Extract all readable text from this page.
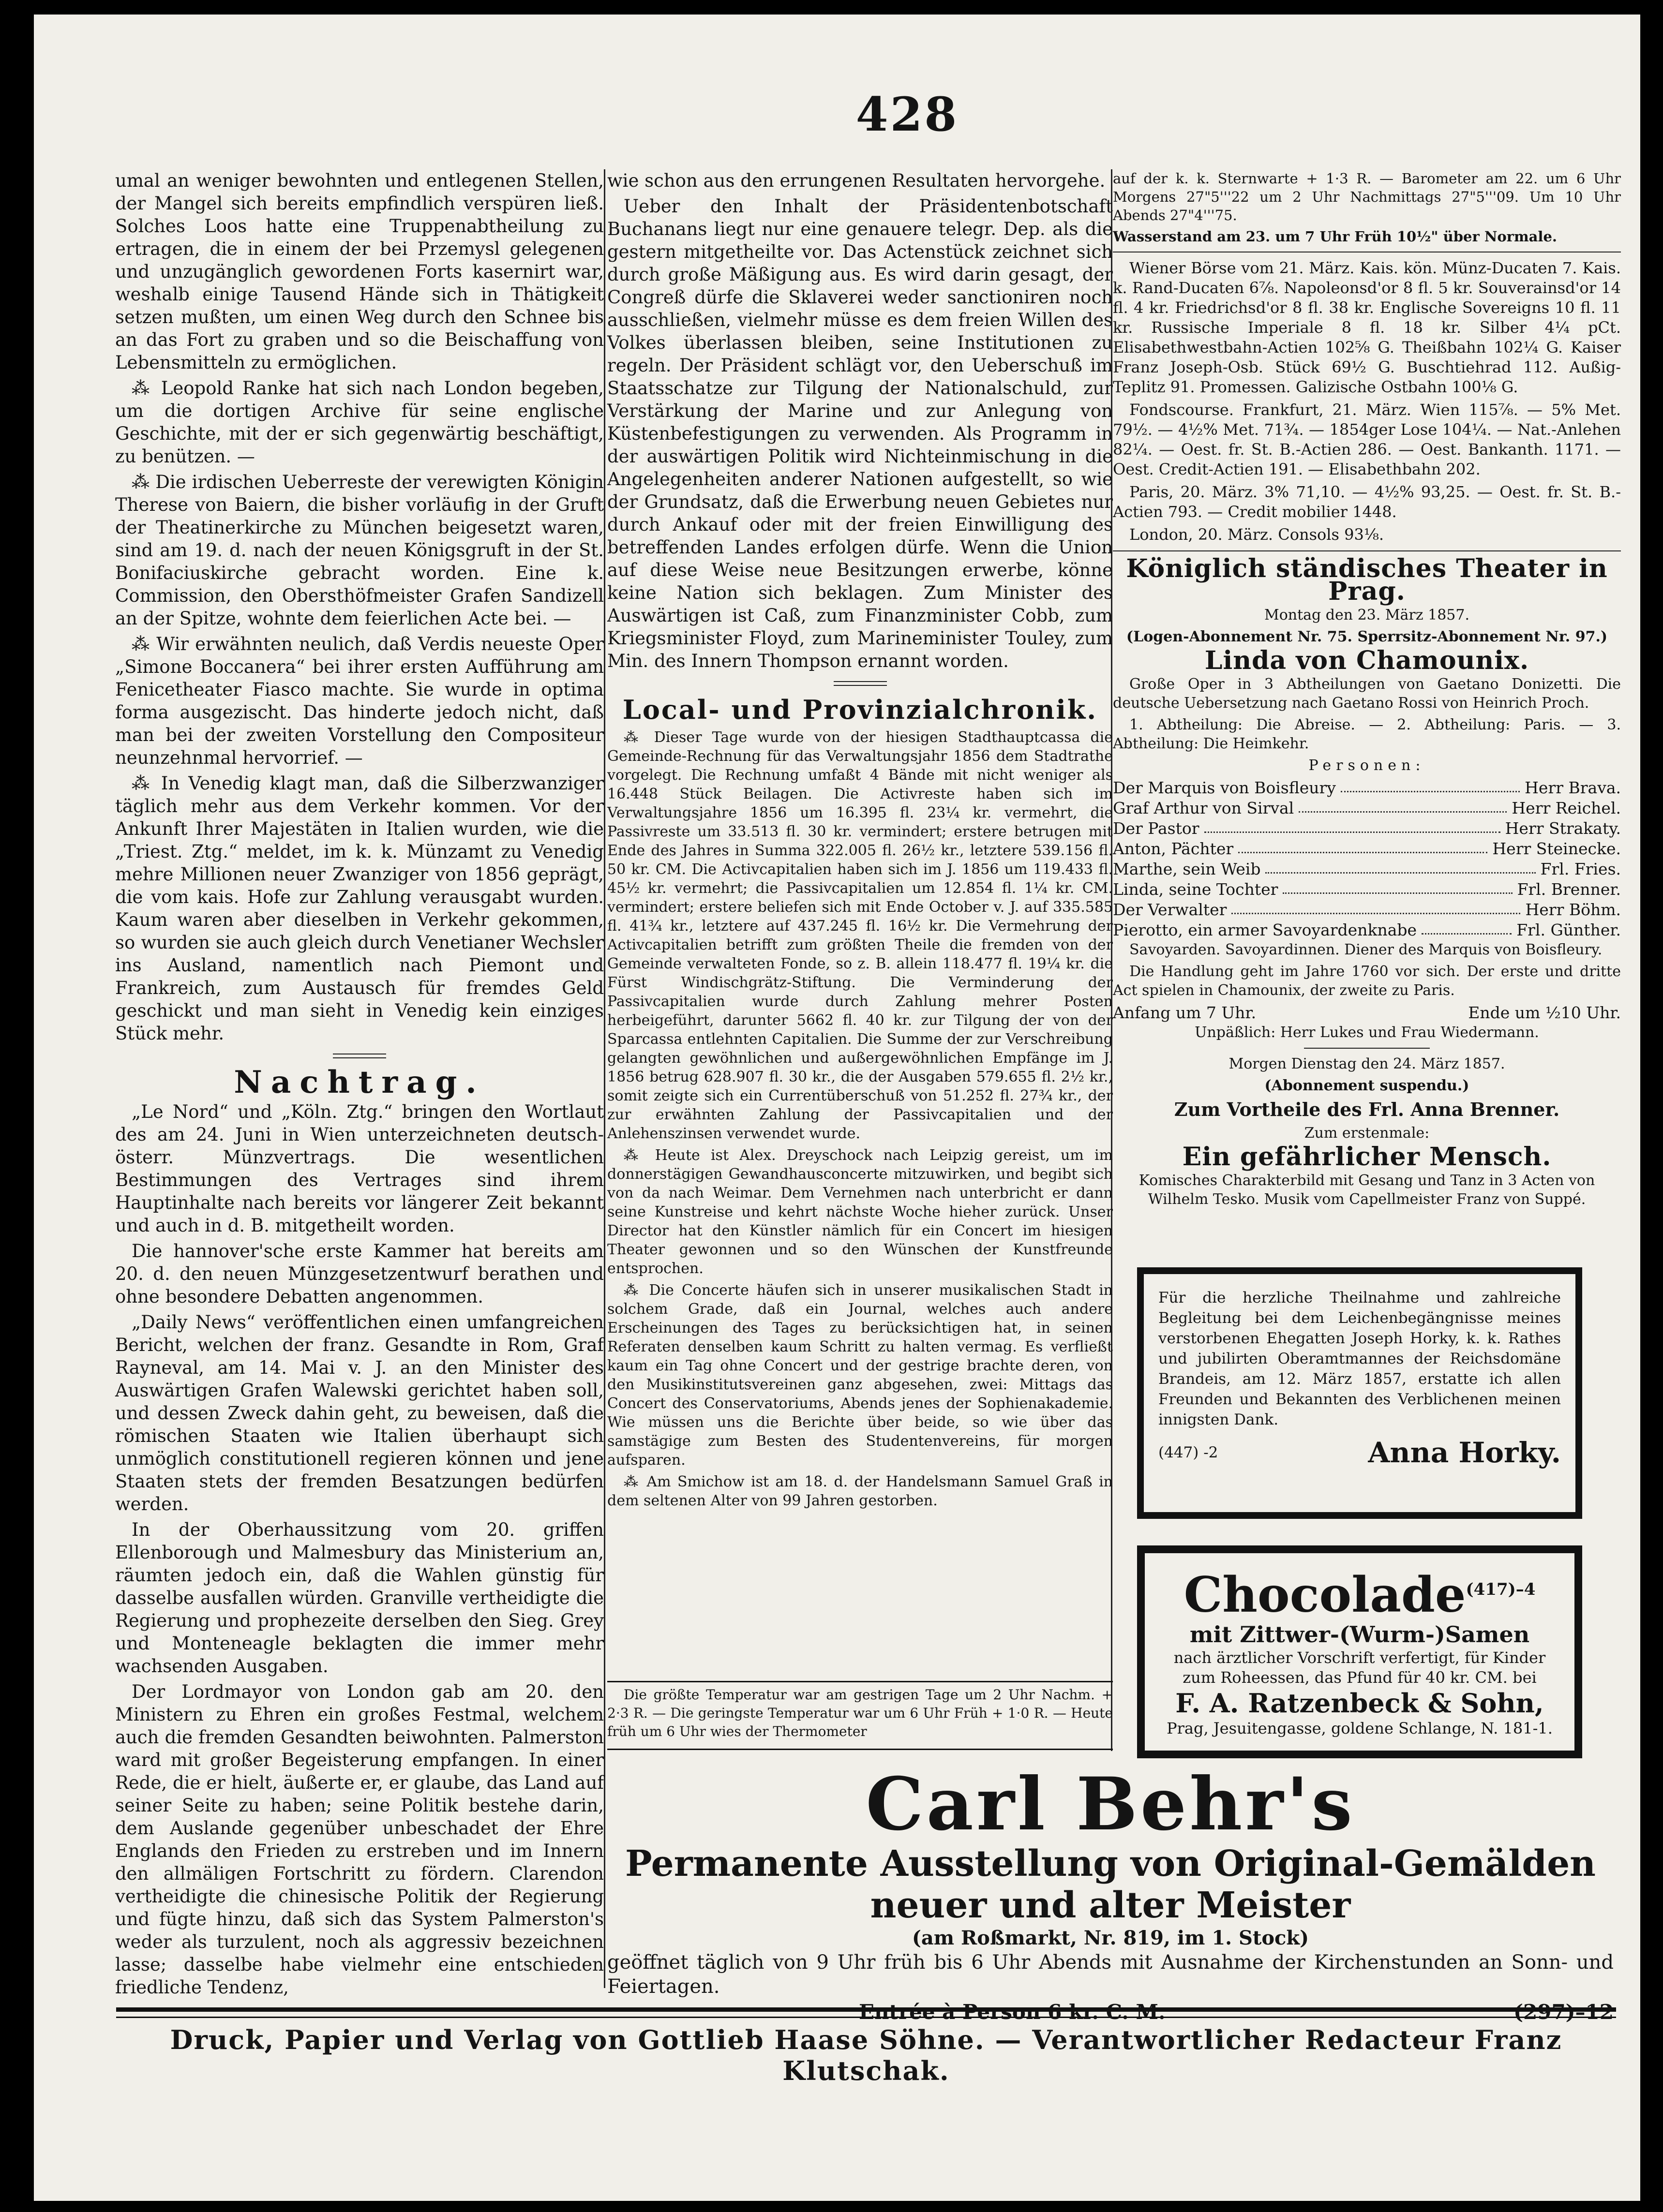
428

umal an weniger bewohnten und entlegenen Stellen, der Mangel sich bereits empfindlich verspüren ließ. Solches Loos hatte eine Truppenabtheilung zu ertragen, die in einem der bei Przemysl gelegenen und unzugänglich gewordenen Forts kasernirt war, weshalb einige Tausend Hände sich in Thätigkeit setzen mußten, um einen Weg durch den Schnee bis an das Fort zu graben und so die Beischaffung von Lebensmitteln zu ermöglichen.

⁂ Leopold Ranke hat sich nach London begeben, um die dortigen Archive für seine englische Geschichte, mit der er sich gegenwärtig beschäftigt, zu benützen. —

⁂ Die irdischen Ueberreste der verewigten Königin Therese von Baiern, die bisher vorläufig in der Gruft der Theatinerkirche zu München beigesetzt waren, sind am 19. d. nach der neuen Königsgruft in der St. Bonifaciuskirche gebracht worden. Eine k. Commission, den Oberstho͏̈fmeister Grafen Sandizell an der Spitze, wohnte dem feierlichen Acte bei. —

⁂ Wir erwähnten neulich, daß Verdis neueste Oper „Simone Boccanera“ bei ihrer ersten Aufführung am Fenicetheater Fiasco machte. Sie wurde in optima forma ausgezischt. Das hinderte jedoch nicht, daß man bei der zweiten Vorstellung den Compositeur neunzehnmal hervorrief. —

⁂ In Venedig klagt man, daß die Silberzwanziger täglich mehr aus dem Verkehr kommen. Vor der Ankunft Ihrer Majestäten in Italien wurden, wie die „Triest. Ztg.“ meldet, im k. k. Münzamt zu Venedig mehre Millionen neuer Zwanziger von 1856 geprägt, die vom kais. Hofe zur Zahlung verausgabt wurden. Kaum waren aber dieselben in Verkehr gekommen, so wurden sie auch gleich durch Venetianer Wechsler ins Ausland, namentlich nach Piemont und Frankreich, zum Austausch für fremdes Geld geschickt und man sieht in Venedig kein einziges Stück mehr.

Nachtrag.

„Le Nord“ und „Köln. Ztg.“ bringen den Wortlaut des am 24. Juni in Wien unterzeichneten deutsch-österr. Münzvertrags. Die wesentlichen Bestimmungen des Vertrages sind ihrem Hauptinhalte nach bereits vor längerer Zeit bekannt und auch in d. B. mitgetheilt worden.

Die hannover'sche erste Kammer hat bereits am 20. d. den neuen Münzgesetzentwurf berathen und ohne besondere Debatten angenommen.

„Daily News“ veröffentlichen einen umfangreichen Bericht, welchen der franz. Gesandte in Rom, Graf Rayneval, am 14. Mai v. J. an den Minister des Auswärtigen Grafen Walewski gerichtet haben soll, und dessen Zweck dahin geht, zu beweisen, daß die römischen Staaten wie Italien überhaupt sich unmöglich constitutionell regieren können und jene Staaten stets der fremden Besatzungen bedürfen werden.

In der Oberhaussitzung vom 20. griffen Ellenborough und Malmesbury das Ministerium an, räumten jedoch ein, daß die Wahlen günstig für dasselbe ausfallen würden. Granville vertheidigte die Regierung und prophezeite derselben den Sieg. Grey und Monteneagle beklagten die immer mehr wachsenden Ausgaben.

Der Lordmayor von London gab am 20. den Ministern zu Ehren ein großes Festmal, welchem auch die fremden Gesandten beiwohnten. Palmerston ward mit großer Begeisterung empfangen. In einer Rede, die er hielt, äußerte er, er glaube, das Land auf seiner Seite zu haben; seine Politik bestehe darin, dem Auslande gegenüber unbeschadet der Ehre Englands den Frieden zu erstreben und im Innern den allmäligen Fortschritt zu fördern. Clarendon vertheidigte die chinesische Politik der Regierung und fügte hinzu, daß sich das System Palmerston's weder als turzulent, noch als aggressiv bezeichnen lasse; dasselbe habe vielmehr eine entschieden friedliche Tendenz,

wie schon aus den errungenen Resultaten hervorgehe.

Ueber den Inhalt der Präsidentenbotschaft Buchanans liegt nur eine genauere telegr. Dep. als die gestern mitgetheilte vor. Das Actenstück zeichnet sich durch große Mäßigung aus. Es wird darin gesagt, der Congreß dürfe die Sklaverei weder sanctioniren noch ausschließen, vielmehr müsse es dem freien Willen des Volkes überlassen bleiben, seine Institutionen zu regeln. Der Präsident schlägt vor, den Ueberschuß im Staatsschatze zur Tilgung der Nationalschuld, zur Verstärkung der Marine und zur Anlegung von Küstenbefestigungen zu verwenden. Als Programm in der auswärtigen Politik wird Nichteinmischung in die Angelegenheiten anderer Nationen aufgestellt, so wie der Grundsatz, daß die Erwerbung neuen Gebietes nur durch Ankauf oder mit der freien Einwilligung des betreffenden Landes erfolgen dürfe. Wenn die Union auf diese Weise neue Besitzungen erwerbe, könne keine Nation sich beklagen. Zum Minister des Auswärtigen ist Caß, zum Finanzminister Cobb, zum Kriegsminister Floyd, zum Marineminister Touley, zum Min. des Innern Thompson ernannt worden.

Local- und Provinzialchronik.

⁂ Dieser Tage wurde von der hiesigen Stadthauptcassa die Gemeinde-Rechnung für das Verwaltungsjahr 1856 dem Stadtrathe vorgelegt. Die Rechnung umfaßt 4 Bände mit nicht weniger als 16.448 Stück Beilagen. Die Activreste haben sich im Verwaltungsjahre 1856 um 16.395 fl. 23¼ kr. vermehrt, die Passivreste um 33.513 fl. 30 kr. vermindert; erstere betrugen mit Ende des Jahres in Summa 322.005 fl. 26½ kr., letztere 539.156 fl. 50 kr. CM. Die Activcapitalien haben sich im J. 1856 um 119.433 fl. 45½ kr. vermehrt; die Passivcapitalien um 12.854 fl. 1¼ kr. CM. vermindert; erstere beliefen sich mit Ende October v. J. auf 335.585 fl. 41¾ kr., letztere auf 437.245 fl. 16½ kr. Die Vermehrung der Activcapitalien betrifft zum größten Theile die fremden von der Gemeinde verwalteten Fonde, so z. B. allein 118.477 fl. 19¼ kr. die Fürst Windischgrätz-Stiftung. Die Verminderung der Passivcapitalien wurde durch Zahlung mehrer Posten herbeigeführt, darunter 5662 fl. 40 kr. zur Tilgung der von der Sparcassa entlehnten Capitalien. Die Summe der zur Verschreibung gelangten gewöhnlichen und außergewöhnlichen Empfänge im J. 1856 betrug 628.907 fl. 30 kr., die der Ausgaben 579.655 fl. 2½ kr., somit zeigte sich ein Currentüberschuß von 51.252 fl. 27¾ kr., der zur erwähnten Zahlung der Passivcapitalien und der Anlehenszinsen verwendet wurde.

⁂ Heute ist Alex. Dreyschock nach Leipzig gereist, um im donnerstägigen Gewandhausconcerte mitzuwirken, und begibt sich von da nach Weimar. Dem Vernehmen nach unterbricht er dann seine Kunstreise und kehrt nächste Woche hieher zurück. Unser Director hat den Künstler nämlich für ein Concert im hiesigen Theater gewonnen und so den Wünschen der Kunstfreunde entsprochen.

⁂ Die Concerte häufen sich in unserer musikalischen Stadt in solchem Grade, daß ein Journal, welches auch andere Erscheinungen des Tages zu berücksichtigen hat, in seinen Referaten denselben kaum Schritt zu halten vermag. Es verfließt kaum ein Tag ohne Concert und der gestrige brachte deren, von den Musikinstitutsvereinen ganz abgesehen, zwei: Mittags das Concert des Conservatoriums, Abends jenes der Sophienakademie. Wie müssen uns die Berichte über beide, so wie über das samstägige zum Besten des Studentenvereins, für morgen aufsparen.

⁂ Am Smichow ist am 18. d. der Handelsmann Samuel Graß in dem seltenen Alter von 99 Jahren gestorben.

Die größte Temperatur war am gestrigen Tage um 2 Uhr Nachm. + 2·3 R. — Die geringste Temperatur war um 6 Uhr Früh + 1·0 R. — Heute früh um 6 Uhr wies der Thermometer

auf der k. k. Sternwarte + 1·3 R. — Barometer am 22. um 6 Uhr Morgens 27"5'''22 um 2 Uhr Nachmittags 27"5'''09. Um 10 Uhr Abends 27"4'''75.

Wasserstand am 23. um 7 Uhr Früh 10½" über Normale.

Wiener Börse vom 21. März. Kais. kön. Münz-Ducaten 7. Kais. k. Rand-Ducaten 6⅞. Napoleonsd'or 8 fl. 5 kr. Souverainsd'or 14 fl. 4 kr. Friedrichsd'or 8 fl. 38 kr. Englische Sovereigns 10 fl. 11 kr. Russische Imperiale 8 fl. 18 kr. Silber 4¼ pCt. Elisabethwestbahn-Actien 102⅝ G. Theißbahn 102¼ G. Kaiser Franz Joseph-Osb. Stück 69½ G. Buschtiehrad 112. Außig-Teplitz 91. Promessen. Galizische Ostbahn 100⅛ G.

Fondscourse. Frankfurt, 21. März. Wien 115⅞. — 5% Met. 79½. — 4½% Met. 71¾. — 1854ger Lose 104¼. — Nat.-Anlehen 82¼. — Oest. fr. St. B.-Actien 286. — Oest. Bankanth. 1171. — Oest. Credit-Actien 191. — Elisabethbahn 202.

Paris, 20. März. 3% 71,10. — 4½% 93,25. — Oest. fr. St. B.-Actien 793. — Credit mobilier 1448.

London, 20. März. Consols 93⅛.

Königlich ständisches Theater in Prag.

Montag den 23. März 1857.

(Logen-Abonnement Nr. 75. Sperrsitz-Abonnement Nr. 97.)

Linda von Chamounix.

Große Oper in 3 Abtheilungen von Gaetano Donizetti. Die deutsche Uebersetzung nach Gaetano Rossi von Heinrich Proch.

1. Abtheilung: Die Abreise. — 2. Abtheilung: Paris. — 3. Abtheilung: Die Heimkehr.

Personen:

Der Marquis von Boisfleury	Herr Brava.
Graf Arthur von Sirval	Herr Reichel.
Der Pastor	Herr Strakaty.
Anton, Pächter	Herr Steinecke.
Marthe, sein Weib	Frl. Fries.
Linda, seine Tochter	Frl. Brenner.
Der Verwalter	Herr Böhm.
Pierotto, ein armer Savoyardenknabe	Frl. Günther.

Savoyarden. Savoyardinnen. Diener des Marquis von Boisfleury.

Die Handlung geht im Jahre 1760 vor sich. Der erste und dritte Act spielen in Chamounix, der zweite zu Paris.

Anfang um 7 Uhr.	Ende um ½10 Uhr.

Unpäßlich: Herr Lukes und Frau Wiedermann.

Morgen Dienstag den 24. März 1857.

(Abonnement suspendu.)

Zum Vortheile des Frl. Anna Brenner.

Zum erstenmale:

Ein gefährlicher Mensch.

Komisches Charakterbild mit Gesang und Tanz in 3 Acten von Wilhelm Tesko. Musik vom Capellmeister Franz von Suppé.

Für die herzliche Theilnahme und zahlreiche Begleitung bei dem Leichenbegängnisse meines verstorbenen Ehegatten Joseph Horky, k. k. Rathes und jubilirten Oberamtmannes der Reichsdomäne Brandeis, am 12. März 1857, erstatte ich allen Freunden und Bekannten des Verblichenen meinen innigsten Dank.
(447) -2	Anna Horky.
Chocolade$^{(417)-4}$
mit Zittwer-(Wurm-)Samen
nach ärztlicher Vorschrift verfertigt, für Kinder zum Roheessen, das Pfund für 40 kr. CM. bei
F. A. Ratzenbeck & Sohn,
Prag, Jesuitengasse, goldene Schlange, N. 181-1.
Carl Behr's
Permanente Ausstellung von Original-Gemälden neuer und alter Meister
(am Roßmarkt, Nr. 819, im 1. Stock)
geöffnet täglich von 9 Uhr früh bis 6 Uhr Abends mit Ausnahme der Kirchenstunden an Sonn- und Feiertagen.
Entrée à Person 6 kr. C. M.	(297)–12
Druck, Papier und Verlag von Gottlieb Haase Söhne. — Verantwortlicher Redacteur Franz Klutschak.
